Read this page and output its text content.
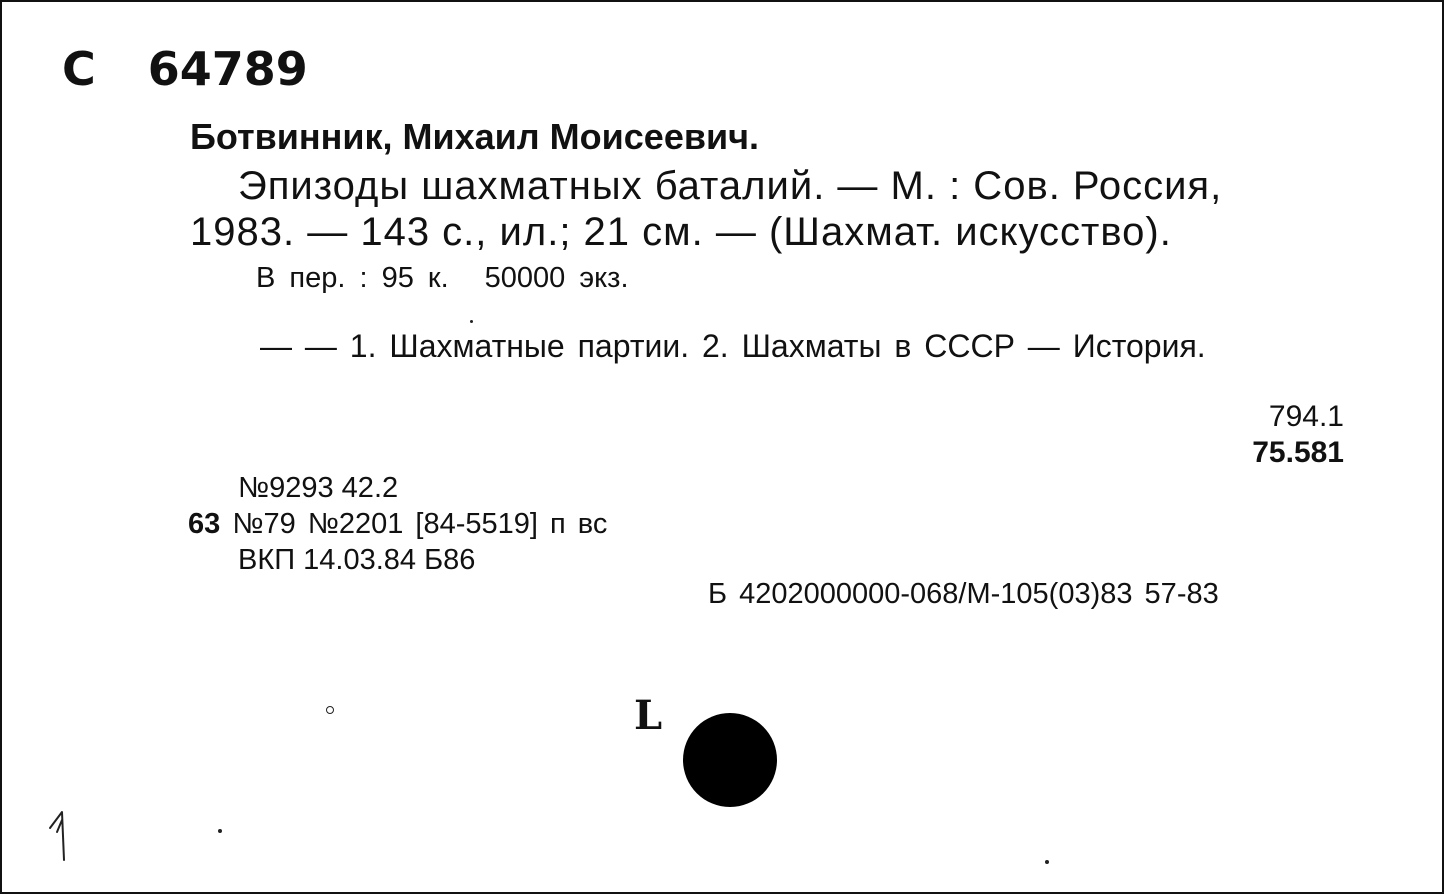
С 64789
Ботвинник, Михаил Моисеевич.
Эпизоды шахматных баталий. — М. : Сов. Россия,
1983. — 143 с., ил.; 21 см. — (Шахмат. искусство).
В пер. : 95 к. 50000 экз.
— — 1. Шахматные партии. 2. Шахматы в СССР — История.
794.1
75.581
№9293 42.2
63 №79 №2201 [84-5519] п вс
ВКП 14.03.84 Б86
Б 4202000000-068/М-105(03)83 57-83
L
